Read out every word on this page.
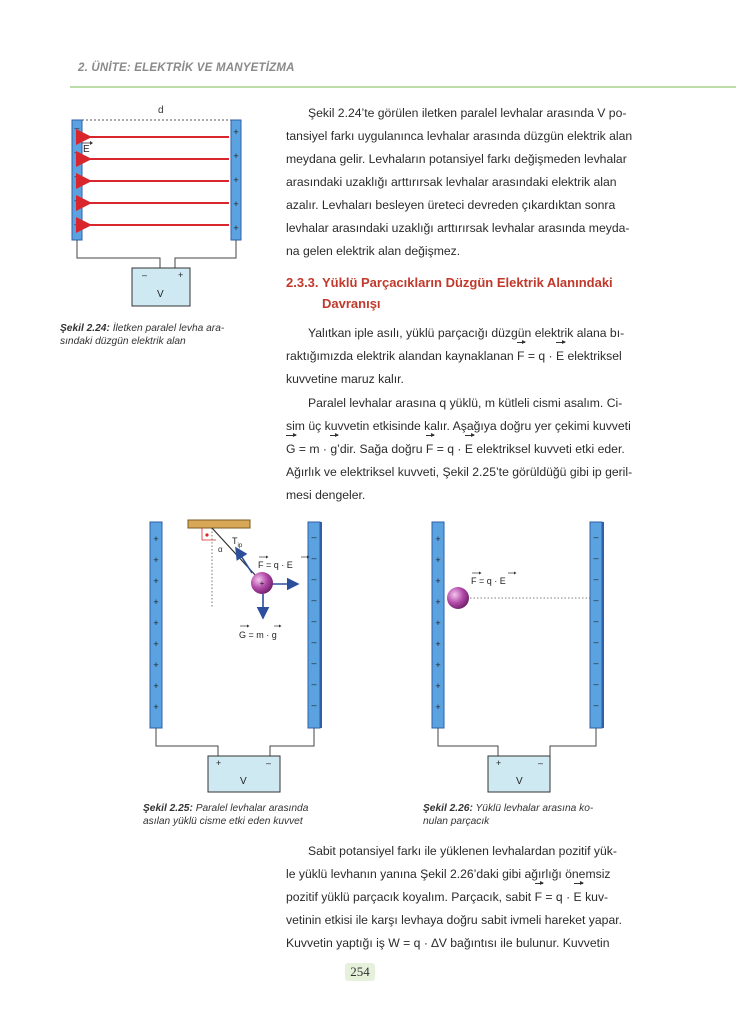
2. ÜNİTE: ELEKTRİK VE MANYETİZMA
d
–
–
–
–
–
+
+
+
+
+
E
–	+
V
Şekil 2.24: İletken paralel levha ara-
sındaki düzgün elektrik alan
Şekil 2.24’te görülen iletken paralel levhalar arasında V po-
tansiyel farkı uygulanınca levhalar arasında düzgün elektrik alan
meydana gelir. Levhaların potansiyel farkı değişmeden levhalar
arasındaki uzaklığı arttırırsak levhalar arasındaki elektrik alan
azalır. Levhaları besleyen üreteci devreden çıkardıktan sonra
levhalar arasındaki uzaklığı arttırırsak levhalar arasında meyda-
na gelen elektrik alan değişmez.
2.3.3. Yüklü Parçacıkların Düzgün Elektrik Alanındaki
Davranışı
Yalıtkan iple asılı, yüklü parçacığı düzgün elektrik alana bı-
raktığımızda elektrik alandan kaynaklanan F = q · E elektriksel
kuvvetine maruz kalır.
Paralel levhalar arasına q yüklü, m kütleli cismi asalım. Ci-
sim üç kuvvetin etkisinde kalır. Aşağıya doğru yer çekimi kuvveti
G = m · g’dir. Sağa doğru F = q · E elektriksel kuvveti etki eder.
Ağırlık ve elektriksel kuvveti, Şekil 2.25’te görüldüğü gibi ip geril-
mesi dengeler.
+
+
+
+
+
+
+
+
+
–
–
–
–
–
–
–
–
–
α
$T_{ip}$
F = q · E
G = m · g
+
+	–
V
Şekil 2.25: Paralel levhalar arasında
asılan yüklü cisme etki eden kuvvet
+
+
+
+
+
+
+
+
+
–
–
–
–
–
–
–
–
–
F = q · E
+	–
V
Şekil 2.26: Yüklü levhalar arasına ko-
nulan parçacık
Sabit potansiyel farkı ile yüklenen levhalardan pozitif yük-
le yüklü levhanın yanına Şekil 2.26’daki gibi ağırlığı önemsiz
pozitif yüklü parçacık koyalım. Parçacık, sabit F = q · E kuv-
vetinin etkisi ile karşı levhaya doğru sabit ivmeli hareket yapar.
Kuvvetin yaptığı iş W = q · ∆V bağıntısı ile bulunur. Kuvvetin
254
